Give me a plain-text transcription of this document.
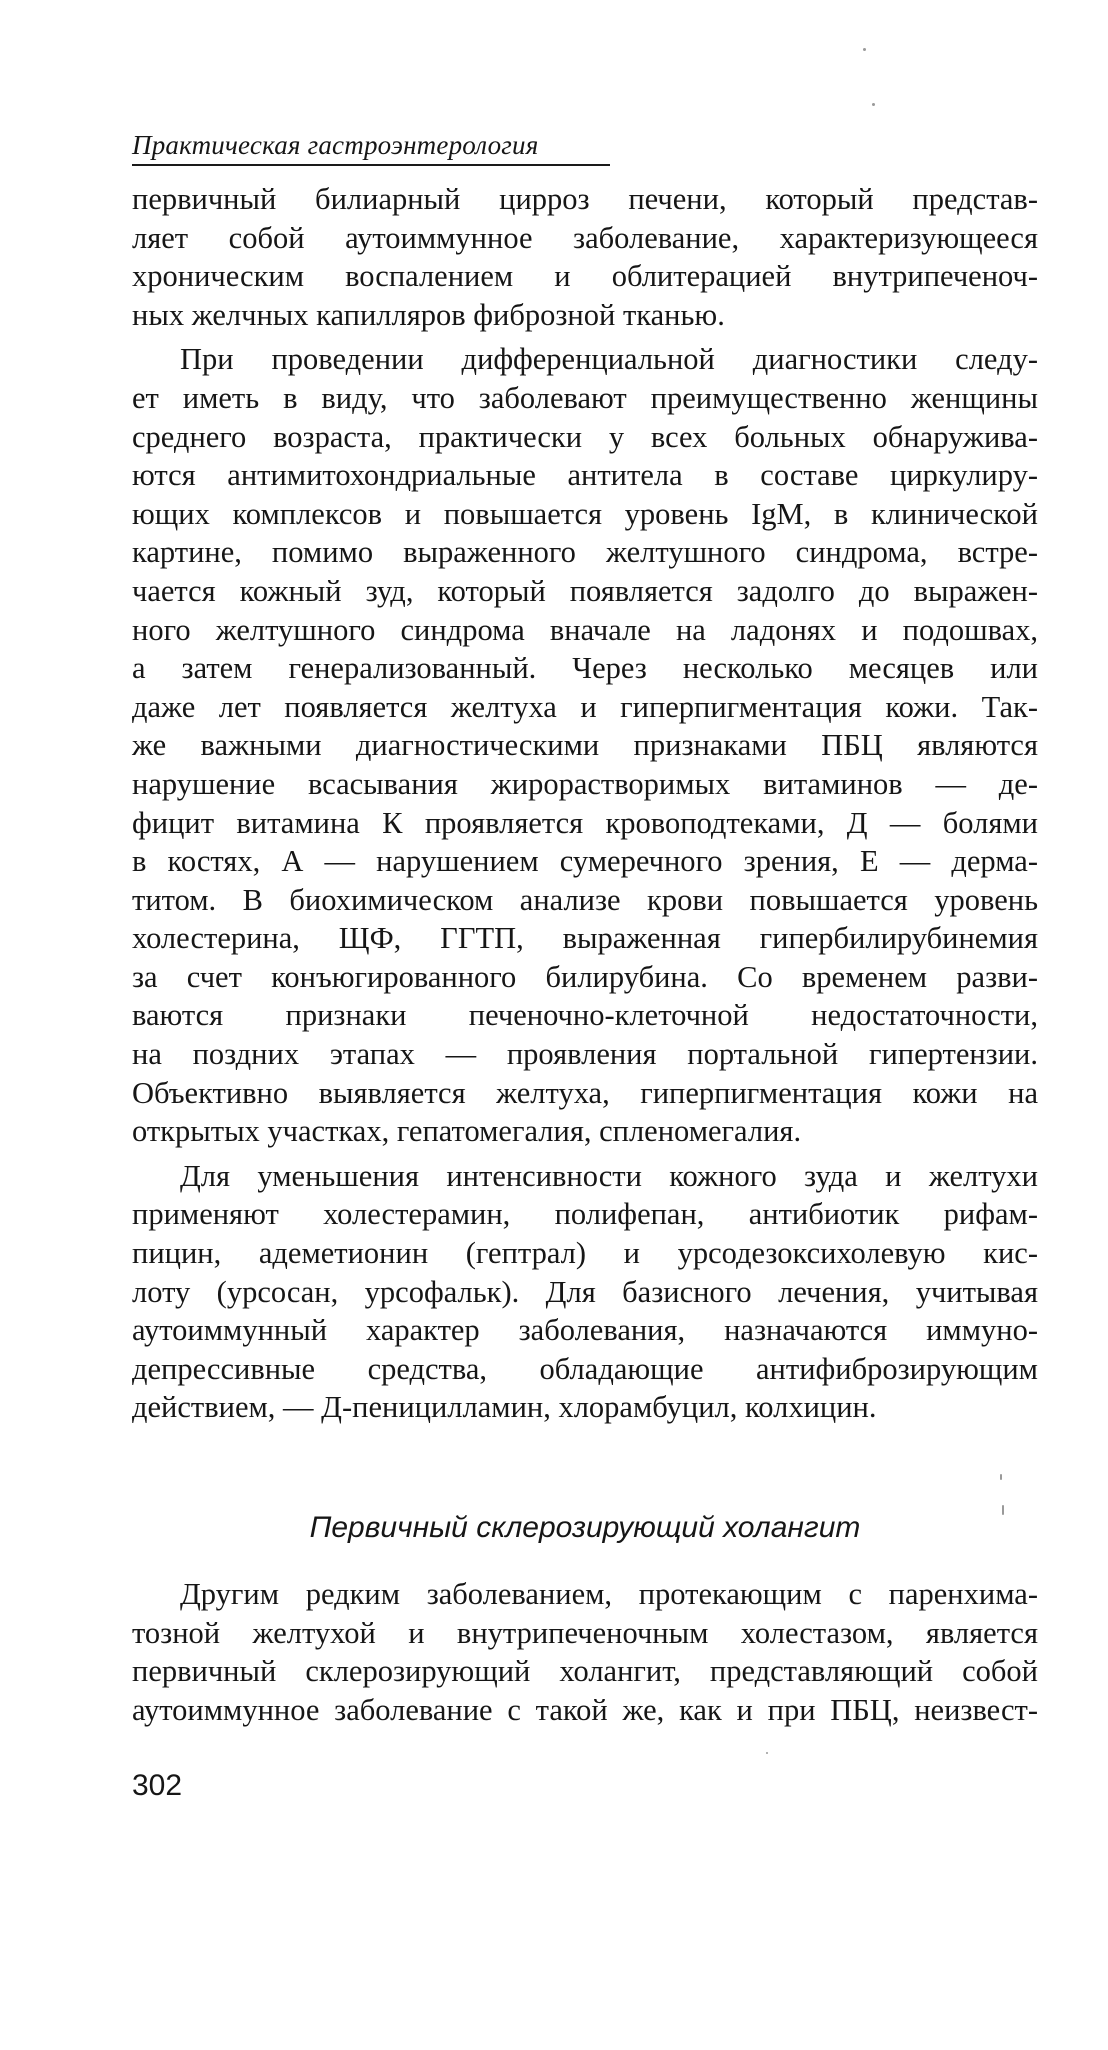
Практическая гастроэнтерология

первичный билиарный цирроз печени, который представ-
ляет собой аутоиммунное заболевание, характеризующееся
хроническим воспалением и облитерацией внутрипеченоч-
ных желчных капилляров фиброзной тканью.

При проведении дифференциальной диагностики следу-
ет иметь в виду, что заболевают преимущественно женщины
среднего возраста, практически у всех больных обнаружива-
ются антимитохондриальные антитела в составе циркулиру-
ющих комплексов и повышается уровень IgM, в клинической
картине, помимо выраженного желтушного синдрома, встре-
чается кожный зуд, который появляется задолго до выражен-
ного желтушного синдрома вначале на ладонях и подошвах,
а затем генерализованный. Через несколько месяцев или
даже лет появляется желтуха и гиперпигментация кожи. Так-
же важными диагностическими признаками ПБЦ являются
нарушение всасывания жирорастворимых витаминов — де-
фицит витамина К проявляется кровоподтеками, Д — болями
в костях, А — нарушением сумеречного зрения, Е — дерма-
титом. В биохимическом анализе крови повышается уровень
холестерина, ЩФ, ГГТП, выраженная гипербилирубинемия
за счет конъюгированного билирубина. Со временем разви-
ваются признаки печеночно-клеточной недостаточности,
на поздних этапах — проявления портальной гипертензии.
Объективно выявляется желтуха, гиперпигментация кожи на
открытых участках, гепатомегалия, спленомегалия.

Для уменьшения интенсивности кожного зуда и желтухи
применяют холестерамин, полифепан, антибиотик рифам-
пицин, адеметионин (гептрал) и урсодезоксихолевую кис-
лоту (урсосан, урсофальк). Для базисного лечения, учитывая
аутоиммунный характер заболевания, назначаются иммуно-
депрессивные средства, обладающие антифиброзирующим
действием, — Д-пеницилламин, хлорамбуцил, колхицин.

Первичный склерозирующий холангит

Другим редким заболеванием, протекающим с паренхима-
тозной желтухой и внутрипеченочным холестазом, является
первичный склерозирующий холангит, представляющий собой
аутоиммунное заболевание с такой же, как и при ПБЦ, неизвест-

302
